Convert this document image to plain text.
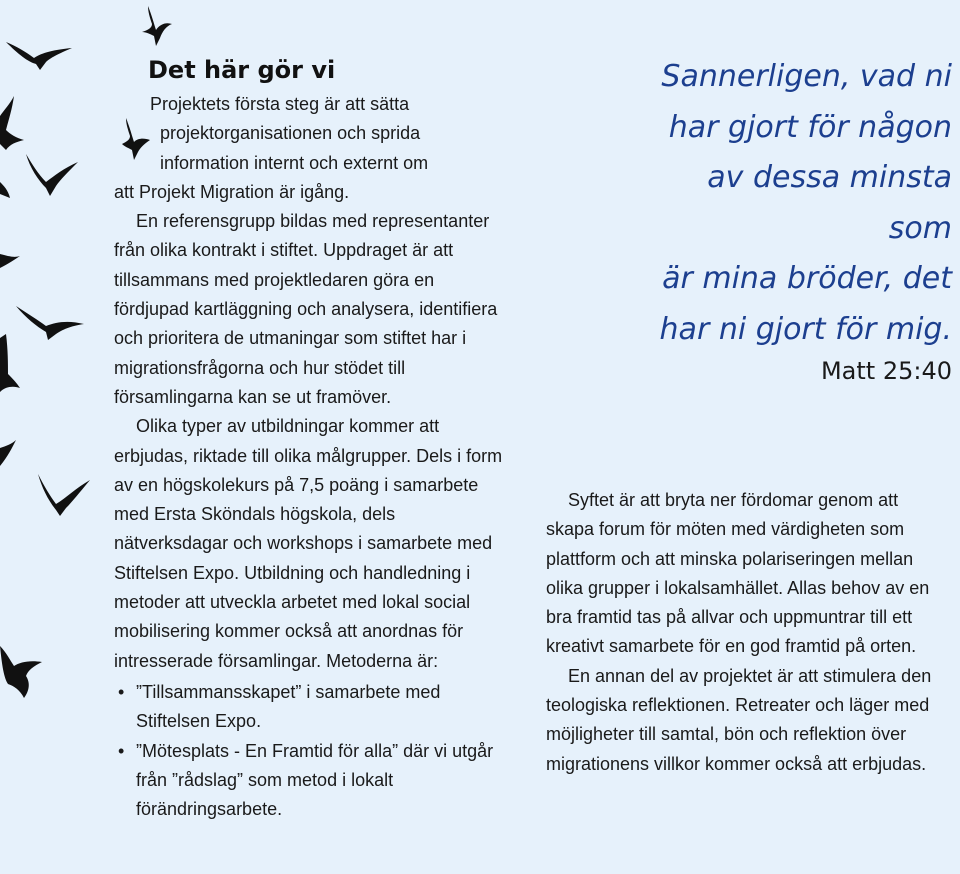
Det här gör vi
Projektets första steg är att sätta
projektorganisationen och sprida
information internt och externt om
att Projekt Migration är igång.

En referensgrupp bildas med representanter från olika kontrakt i stiftet. Uppdraget är att tillsammans med projektledaren göra en fördjupad kartläggning och analysera, identifiera och prioritera de utmaningar som stiftet har i migrationsfrågorna och hur stödet till församlingarna kan se ut framöver.

Olika typer av utbildningar kommer att erbjudas, riktade till olika målgrupper. Dels i form av en högskolekurs på 7,5 poäng i samarbete med Ersta Sköndals högskola, dels nätverksdagar och workshops i samarbete med Stiftelsen Expo. Utbildning och handledning i metoder att utveckla arbetet med lokal social mobilisering kommer också att anordnas för intresserade församlingar. Metoderna är:

• ”Tillsammansskapet” i samarbete med Stiftelsen Expo.
• ”Mötesplats - En Framtid för alla” där vi utgår från ”rådslag” som metod i lokalt förändringsarbete.

Sannerligen, vad ni
har gjort för någon
av dessa minsta som
är mina bröder, det
har ni gjort för mig.

Matt 25:40

Syftet är att bryta ner fördomar genom att skapa forum för möten med värdigheten som plattform och att minska polariseringen mellan olika grupper i lokalsamhället. Allas behov av en bra framtid tas på allvar och uppmuntrar till ett kreativt samarbete för en god framtid på orten.

En annan del av projektet är att stimulera den teologiska reflektionen. Retreater och läger med möjligheter till samtal, bön och reflektion över migrationens villkor kommer också att erbjudas.
